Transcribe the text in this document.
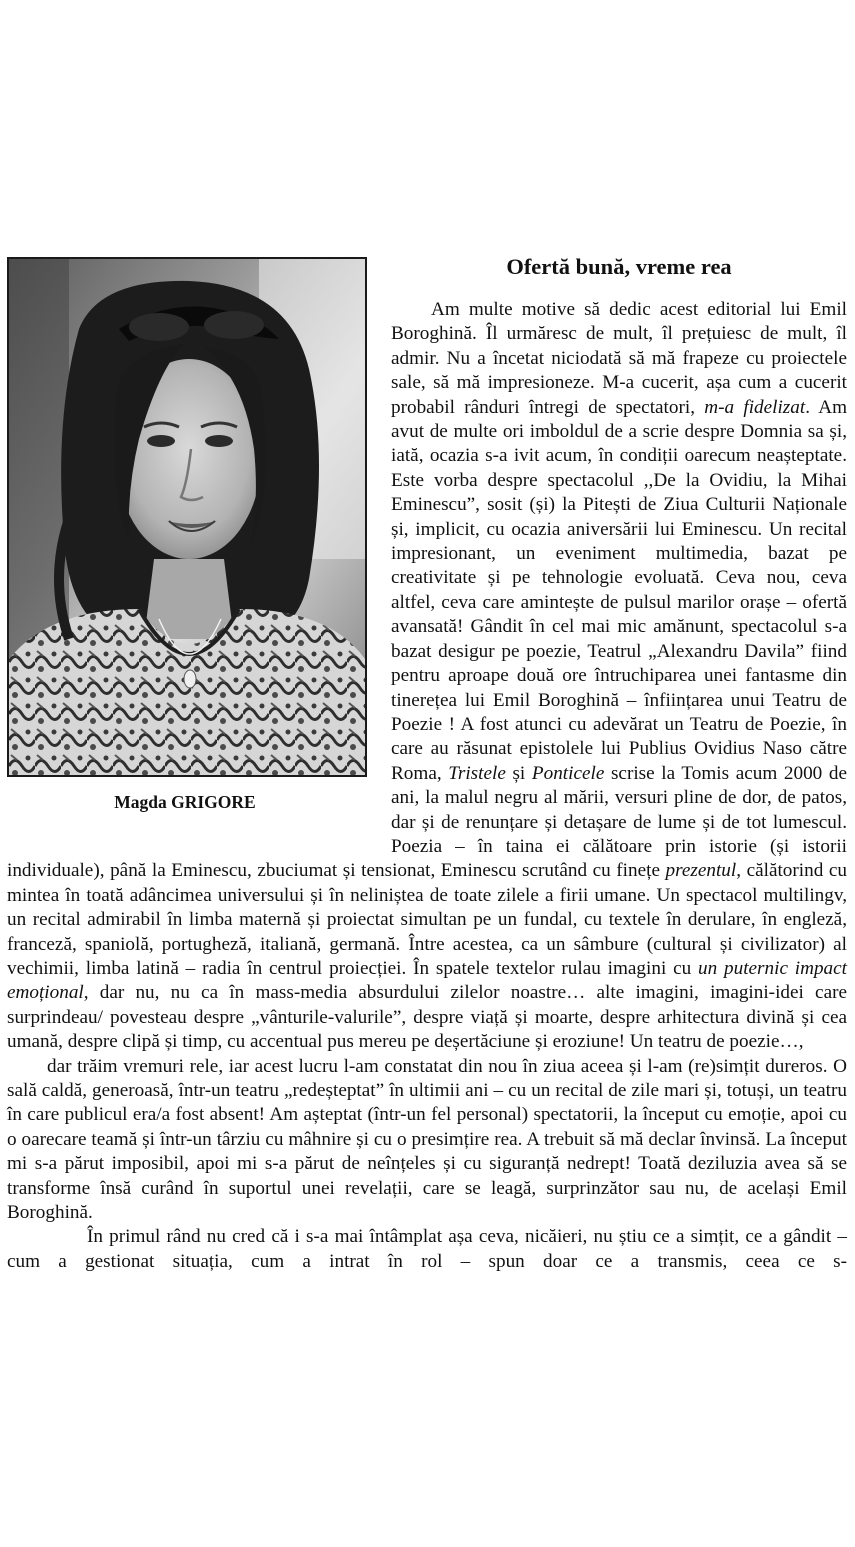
Magda GRIGORE
Ofertă bună, vreme rea

Am multe motive să dedic acest editorial lui Emil Boroghină. Îl urmăresc de mult, îl prețuiesc de mult, îl admir. Nu a încetat niciodată să mă frapeze cu proiectele sale, să mă impresioneze. M-a cucerit, așa cum a cucerit probabil rânduri întregi de spectatori, m-a fidelizat. Am avut de multe ori imboldul de a scrie despre Domnia sa și, iată, ocazia s-a ivit acum, în condiții oarecum neașteptate. Este vorba despre spectacolul ,,De la Ovidiu, la Mihai Eminescu”, sosit (și) la Pitești de Ziua Culturii Naționale și, implicit, cu ocazia aniversării lui Eminescu. Un recital impresionant, un eveniment multimedia, bazat pe creativitate și pe tehnologie evoluată. Ceva nou, ceva altfel, ceva care amintește de pulsul marilor orașe – ofertă avansată! Gândit în cel mai mic amănunt, spectacolul s-a bazat desigur pe poezie, Teatrul „Alexandru Davila” fiind pentru aproape două ore întruchiparea unei fantasme din tinerețea lui Emil Boroghină – înființarea unui Teatru de Poezie ! A fost atunci cu adevărat un Teatru de Poezie, în care au răsunat epistolele lui Publius Ovidius Naso către Roma, Tristele și Ponticele scrise la Tomis acum 2000 de ani, la malul negru al mării, versuri pline de dor, de patos, dar și de renunțare și detașare de lume și de tot lumescul. Poezia – în taina ei călătoare prin istorie (și istorii individuale), până la Eminescu, zbuciumat și tensionat, Eminescu scrutând cu finețe prezentul, călătorind cu mintea în toată adâncimea universului și în neliniștea de toate zilele a firii umane. Un spectacol multilingv, un recital admirabil în limba maternă și proiectat simultan pe un fundal, cu textele în derulare, în engleză, franceză, spaniolă, portugheză, italiană, germană. Între acestea, ca un sâmbure (cultural și civilizator) al vechimii, limba latină – radia în centrul proiecției. În spatele textelor rulau imagini cu un puternic impact emoțional, dar nu, nu ca în mass-media absurdului zilelor noastre… alte imagini, imagini-idei care surprindeau/ povesteau despre „vânturile-valurile”, despre viață și moarte, despre arhitectura divină și cea umană, despre clipă și timp, cu accentual pus mereu pe deșertăciune și eroziune! Un teatru de poezie…,

dar trăim vremuri rele, iar acest lucru l-am constatat din nou în ziua aceea și l-am (re)simțit dureros. O sală caldă, generoasă, într-un teatru „redeșteptat” în ultimii ani – cu un recital de zile mari și, totuși, un teatru în care publicul era/a fost absent! Am așteptat (într-un fel personal) spectatorii, la început cu emoție, apoi cu o oarecare teamă și într-un târziu cu mâhnire și cu o presimțire rea. A trebuit să mă declar învinsă. La început mi s-a părut imposibil, apoi mi s-a părut de neînțeles și cu siguranță nedrept! Toată deziluzia avea să se transforme însă curând în suportul unei revelații, care se leagă, surprinzător sau nu, de același Emil Boroghină.

În primul rând nu cred că i s-a mai întâmplat așa ceva, nicăieri, nu știu ce a simțit, ce a gândit – cum a gestionat situația, cum a intrat în rol – spun doar ce a transmis, ceea ce s-
